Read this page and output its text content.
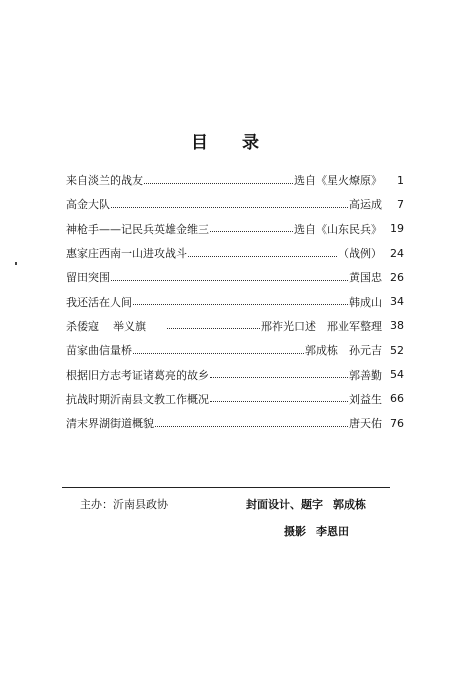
目录
来自淡兰的战友	选自《星火燎原》	1
高金大队	高运成	7
神枪手——记民兵英雄金维三	选自《山东民兵》 19
惠家庄西南一山进攻战斗	（战例） 24
留田突围	黄国忠 26
我还活在人间	韩成山 34
杀倭寇 举义旗	邢祚光口述　邢业军整理 38
苗家曲信量桥	郭成栋　孙元吉 52
根据旧方志考证诸葛亮的故乡	郭善勤 54
抗战时期沂南县文教工作概况	刘益生 66
清末界湖街道概貌	唐天佑 76
主办：沂南县政协	封面设计、题字 郭成栋
摄影 李恩田
